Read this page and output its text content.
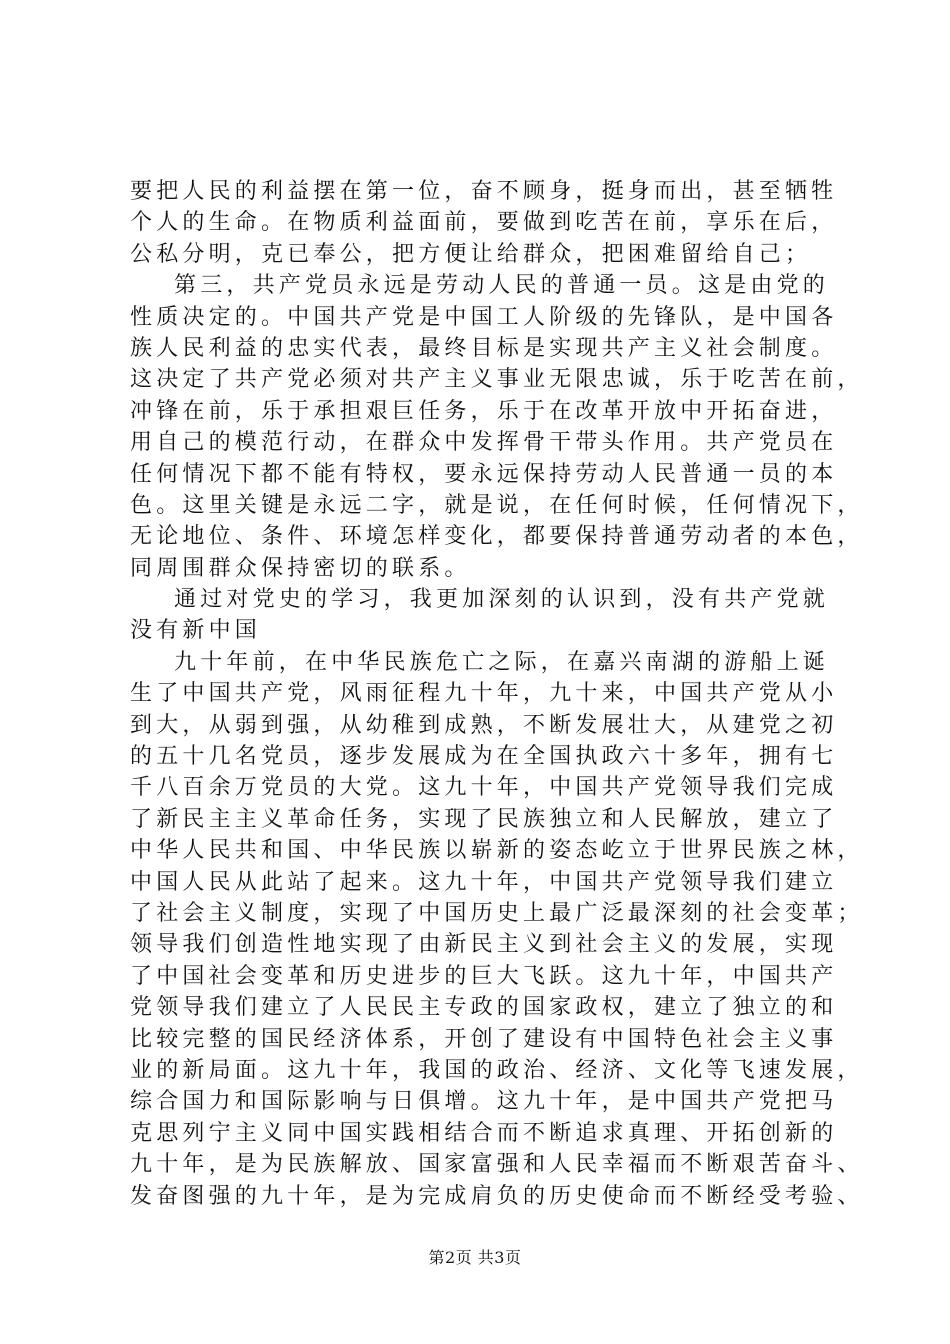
要把人民的利益摆在第一位，奋不顾身，挺身而出，甚至牺牲
个人的生命。在物质利益面前，要做到吃苦在前，享乐在后，
公私分明，克已奉公，把方便让给群众，把困难留给自己；
第三，共产党员永远是劳动人民的普通一员。这是由党的
性质决定的。中国共产党是中国工人阶级的先锋队，是中国各
族人民利益的忠实代表，最终目标是实现共产主义社会制度。
这决定了共产党必须对共产主义事业无限忠诚，乐于吃苦在前，
冲锋在前，乐于承担艰巨任务，乐于在改革开放中开拓奋进，
用自己的模范行动，在群众中发挥骨干带头作用。共产党员在
任何情况下都不能有特权，要永远保持劳动人民普通一员的本
色。这里关键是永远二字，就是说，在任何时候，任何情况下，
无论地位、条件、环境怎样变化，都要保持普通劳动者的本色，
同周围群众保持密切的联系。
通过对党史的学习，我更加深刻的认识到，没有共产党就
没有新中国
九十年前，在中华民族危亡之际，在嘉兴南湖的游船上诞
生了中国共产党，风雨征程九十年，九十来，中国共产党从小
到大，从弱到强，从幼稚到成熟，不断发展壮大，从建党之初
的五十几名党员，逐步发展成为在全国执政六十多年，拥有七
千八百余万党员的大党。这九十年，中国共产党领导我们完成
了新民主主义革命任务，实现了民族独立和人民解放，建立了
中华人民共和国、中华民族以崭新的姿态屹立于世界民族之林，
中国人民从此站了起来。这九十年，中国共产党领导我们建立
了社会主义制度，实现了中国历史上最广泛最深刻的社会变革；
领导我们创造性地实现了由新民主义到社会主义的发展，实现
了中国社会变革和历史进步的巨大飞跃。这九十年，中国共产
党领导我们建立了人民民主专政的国家政权，建立了独立的和
比较完整的国民经济体系，开创了建设有中国特色社会主义事
业的新局面。这九十年，我国的政治、经济、文化等飞速发展，
综合国力和国际影响与日俱增。这九十年，是中国共产党把马
克思列宁主义同中国实践相结合而不断追求真理、开拓创新的
九十年，是为民族解放、国家富强和人民幸福而不断艰苦奋斗、
发奋图强的九十年，是为完成肩负的历史使命而不断经受考验、
第2页 共3页
